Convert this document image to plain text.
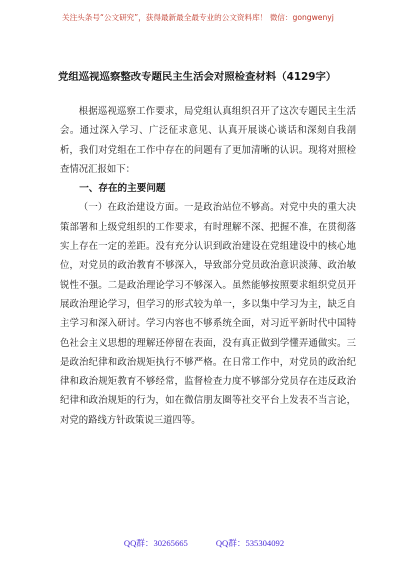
关注头条号“公文研究”，获得最新最全最专业的公文资料库！ 微信：gongwenyj
党组巡视巡察整改专题民主生活会对照检查材料（4129字）

根据巡视巡察工作要求，局党组认真组织召开了这次专题民主生活会。通过深入学习、广泛征求意见、认真开展谈心谈话和深刻自我剖析，我们对党组在工作中存在的问题有了更加清晰的认识。现将对照检查情况汇报如下：

一、存在的主要问题

（一）在政治建设方面。一是政治站位不够高。对党中央的重大决策部署和上级党组织的工作要求，有时理解不深、把握不准，在贯彻落实上存在一定的差距。没有充分认识到政治建设在党组建设中的核心地位，对党员的政治教育不够深入，导致部分党员政治意识淡薄、政治敏锐性不强。二是政治理论学习不够深入。虽然能够按照要求组织党员开展政治理论学习，但学习的形式较为单一，多以集中学习为主，缺乏自主学习和深入研讨。学习内容也不够系统全面，对习近平新时代中国特色社会主义思想的理解还停留在表面，没有真正做到学懂弄通做实。三是政治纪律和政治规矩执行不够严格。在日常工作中，对党员的政治纪律和政治规矩教育不够经常，监督检查力度不够部分党员存在违反政治纪律和政治规矩的行为，如在微信朋友圈等社交平台上发表不当言论，对党的路线方针政策说三道四等。

QQ群：30265665	QQ群：535304092
